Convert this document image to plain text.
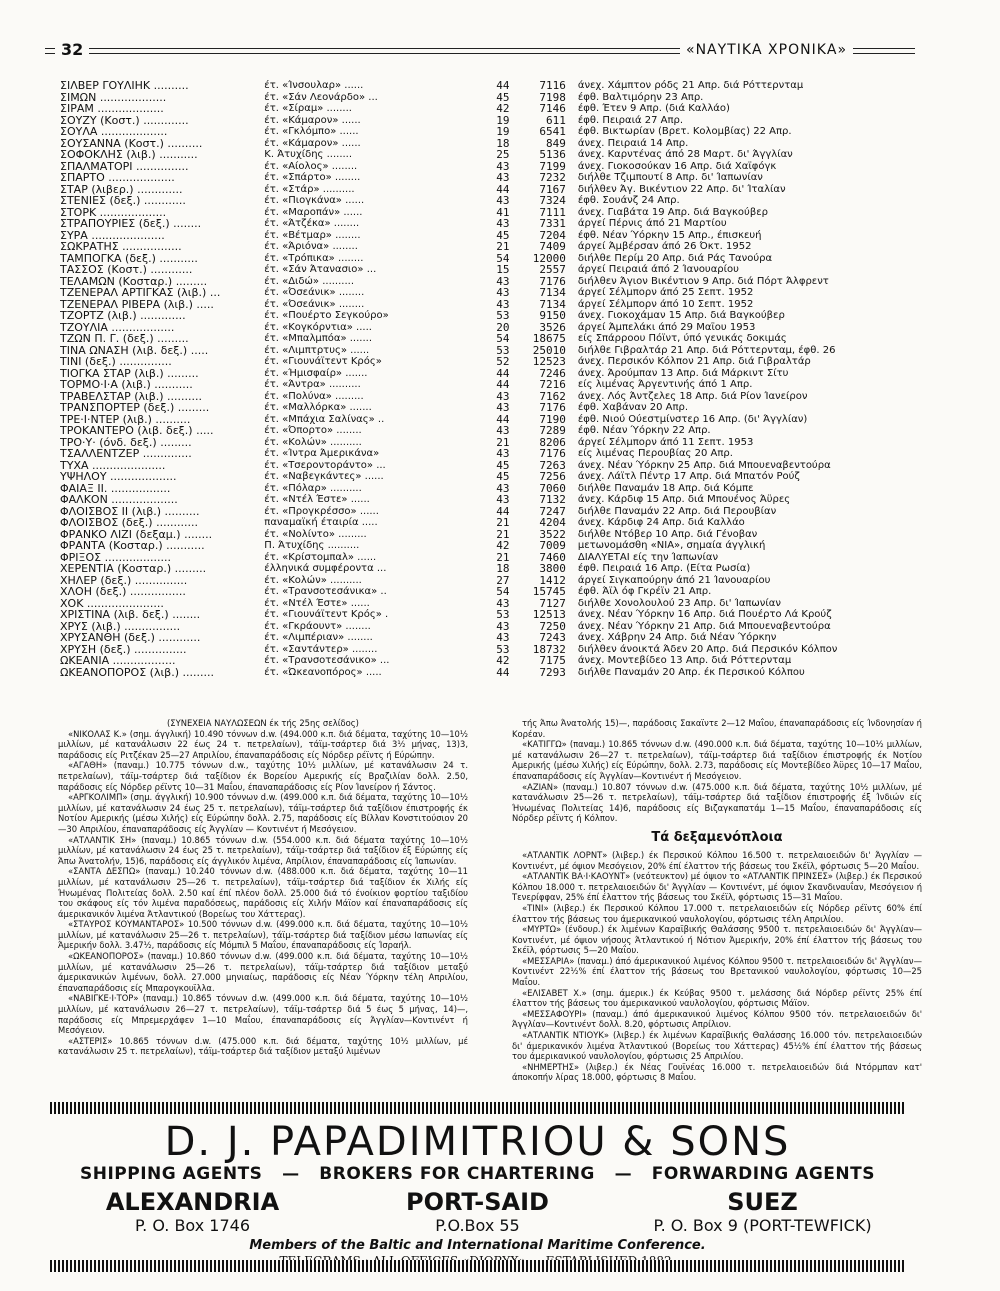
32	«ΝΑΥΤΙΚΑ ΧΡΟΝΙΚΑ»
ΣΙΛΒΕΡ ΓΟΥΛΙΗΚ ..........	έτ. «Ίνσουλαρ» ......	44	7116	άνεχ. Χάμπτον ρόδς 21 Απρ. διά Ρόττερνταμ
ΣΙΜΩΝ ...................	έτ. «Σάν Λεονάρδο» ...	45	7198	έφθ. Βαλτιμόρην 23 Απρ.
ΣΙΡΑΜ ...................	έτ. «Σίραμ» ........	42	7146	έφθ. Έτεν 9 Απρ. (διά Καλλάο)
ΣΟΥΖΥ (Κοστ.) .............	έτ. «Κάμαρον» ......	19	611	έφθ. Πειραιά 27 Απρ.
ΣΟΥΛΑ ...................	έτ. «Γκλόμπο» ......	19	6541	έφθ. Βικτωρίαν (Βρετ. Κολομβίας) 22 Απρ.
ΣΟΥΣΑΝΝΑ (Κοστ.) ..........	έτ. «Κάμαρον» ......	18	849	άνεχ. Πειραιά 14 Απρ.
ΣΟΦΟΚΛΗΣ (λιβ.) ...........	Κ. Άτυχίδης ........	25	5136	άνεχ. Καρντένας άπό 28 Μαρτ. δι' Άγγλίαν
ΣΠΑΛΜΑΤΟΡΙ ...............	έτ. «Αίολος» ........	43	7199	άνεχ. Γιοκοσούκαν 16 Απρ. διά Χαϊφόγκ
ΣΠΑΡΤΟ ...................	έτ. «Σπάρτο» ........	43	7232	διήλθε Τζιμπουτί 8 Απρ. δι' Ίαπωνίαν
ΣΤΑΡ (λιβερ.) .............	έτ. «Στάρ» ..........	44	7167	διήλθεν Άγ. Βικέντιον 22 Απρ. δι' Ίταλίαν
ΣΤΕΝΙΕΣ (δεξ.) ............	έτ. «Πιογκάνα» ......	43	7324	έφθ. Σουάνζ 24 Απρ.
ΣΤΟΡΚ ...................	έτ. «Μαροπάν» ......	41	7111	άνεχ. Γιαβάτα 19 Απρ. διά Βαγκούβερ
ΣΤΡΑΠΟΥΡΙΕΣ (δεξ.) ........	έτ. «Άτζέκα» ........	43	7331	άργεί Πέρνις άπό 21 Μαρτίου
ΣΥΡΑ .....................	έτ. «Βέτμαρ» ........	45	7204	έφθ. Νέαν Ύόρκην 15 Απρ., έπισκευή
ΣΩΚΡΑΤΗΣ .................	έτ. «Άριόνα» ........	21	7409	άργεί Άμβέρσαν άπό 26 Όκτ. 1952
ΤΑΜΠΟΓΚΑ (δεξ.) ...........	έτ. «Τρόπικα» ........	54	12000	διήλθε Περίμ 20 Απρ. διά Ράς Τανούρα
ΤΑΣΣΟΣ (Κοστ.) ............	έτ. «Σάν Άτανασιο» ...	15	2557	άργεί Πειραιά άπό 2 Ίανουαρίου
ΤΕΛΑΜΩΝ (Κοσταρ.) .........	έτ. «Διδώ» ..........	43	7176	διήλθεν Άγιον Βικέντιον 9 Απρ. διά Πόρτ Άλφρεντ
ΤΖΕΝΕΡΑΛ ΑΡΤΙΓΚΑΣ (λιβ.) ...	έτ. «Όσεάνικ» ........	43	7134	άργεί Σέλμπορν άπό 25 Σεπτ. 1952
ΤΖΕΝΕΡΑΛ ΡΙΒΕΡΑ (λιβ.) .....	έτ. «Όσεάνικ» ........	43	7134	άργεί Σέλμπορν άπό 10 Σεπτ. 1952
ΤΖΟΡΤΖ (λιβ.) .............	έτ. «Πουέρτο Σεγκούρο»	53	9150	άνεχ. Γιοκοχάμαν 15 Απρ. διά Βαγκούβερ
ΤΖΟΥΛΙΑ ..................	έτ. «Κογκόρντια» .....	20	3526	άργεί Άμπελάκι άπό 29 Μαΐου 1953
ΤΖΩΝ Π. Γ. (δεξ.) .........	έτ. «Μπαλμπόα» .......	54	18675	είς Σπάρροου Πόϊντ, ύπό γενικάς δοκιμάς
ΤΙΝΑ ΩΝΑΣΗ (λιβ. δεξ.) .....	έτ. «Λιμπτρτυς» ......	53	25010	διήλθε Γιβραλτάρ 21 Απρ. διά Ρόττερνταμ, έφθ. 26
ΤΙΝΙ (δεξ.) ...............	έτ. «Γιουνάϊτεντ Κρός»	52	12523	άνεχ. Περσικόν Κόλπον 21 Απρ. διά Γιβραλτάρ
ΤΙΟΓΚΑ ΣΤΑΡ (λιβ.) .........	έτ. «Ήμισφαίρ» .......	44	7246	άνεχ. Άρούμπαν 13 Απρ. διά Μάρκιντ Σίτυ
ΤΟΡΜΟ·Ι·Α (λιβ.) ...........	έτ. «Άντρα» ..........	44	7216	είς λιμένας Άργεντινής άπό 1 Απρ.
ΤΡΑΒΕΛΣΤΑΡ (λιβ.) ..........	έτ. «Πολύνα» .........	43	7162	άνεχ. Λός Άντζελες 18 Απρ. διά Ρίον Ίανείρον
ΤΡΑΝΣΠΟΡΤΕΡ (δεξ.) .........	έτ. «Μαλλόρκα» .......	43	7176	έφθ. Χαβάναν 20 Απρ.
ΤΡΕ·Ι·ΝΤΕΡ (λιβ.) ..........	έτ. «Μπάχια Σαλίνας» ..	44	7190	έφθ. Νιού Ούεστμίνστερ 16 Απρ. (δι' Άγγλίαν)
ΤΡΟΚΑΝΤΕΡΟ (λιβ. δεξ.) .....	έτ. «Όπορτο» ........	43	7289	έφθ. Νέαν Ύόρκην 22 Απρ.
ΤΡΟ·Υ· (όνδ. δεξ.) .........	έτ. «Κολών» ..........	21	8206	άργεί Σέλμπορν άπό 11 Σεπτ. 1953
ΤΣΑΛΛΕΝΤΖΕΡ ..............	έτ. «Ίντρα Άμερικάνα»	43	7176	είς λιμένας Περουβίας 20 Απρ.
ΤΥΧΑ .....................	έτ. «Τσεροντοράντο» ...	45	7263	άνεχ. Νέαν Ύόρκην 25 Απρ. διά Μπουεναβεντούρα
ΥΨΗΛΟΥ ...................	έτ. «Ναβεγκάντες» ......	45	7256	άνεχ. Λάϊτλ Πέντρ 17 Απρ. διά Μπατόν Ρούζ
ΦΑΙΑΞ ΙΙ. .................	έτ. «Πόλαρ» ..........	43	7060	διήλθε Παναμάν 18 Απρ. διά Κόμπε
ΦΑΛΚΟΝ ...................	έτ. «Ντέλ Έστε» ......	43	7132	άνεχ. Κάρδιφ 15 Απρ. διά Μπουένος Άϋρες
ΦΛΟΙΣΒΟΣ ΙΙ (λιβ.) ..........	έτ. «Προγκρέσσο» ......	44	7247	διήλθε Παναμάν 22 Απρ. διά Περουβίαν
ΦΛΟΙΣΒΟΣ (δεξ.) ............	παναμαϊκή έταιρία .....	21	4204	άνεχ. Κάρδιφ 24 Απρ. διά Καλλάο
ΦΡΑΝΚΟ ΛΙΖΙ (δεξαμ.) ........	έτ. «Νολίντο» .........	21	3522	διήλθε Ντόβερ 10 Απρ. διά Γένοβαν
ΦΡΑΝΤΑ (Κοσταρ.) ...........	Π. Άτυχίδης ..........	42	7009	μετωνομάσθη «ΝΙΑ», σημαία άγγλική
ΦΡΙΞΟΣ ...................	έτ. «Κρίστομπαλ» ......	21	7460	ΔΙΑΛΥΕΤΑΙ είς την Ίαπωνίαν
ΧΕΡΕΝΤΙΑ (Κοσταρ.) .........	έλληνικά συμφέροντα ...	18	3800	έφθ. Πειραιά 16 Απρ. (Είτα Ρωσία)
ΧΗΛΕΡ (δεξ.) ...............	έτ. «Κολών» ..........	27	1412	άργεί Σιγκαπούρην άπό 21 Ίανουαρίου
ΧΛΟΗ (δεξ.) ................	έτ. «Τρανσοτεσάνικα» ..	54	15745	έφθ. Άϊλ όφ Γκρέϊν 21 Απρ.
ΧΟΚ ......................	έτ. «Ντέλ Έστε» ......	43	7127	διήλθε Χονολουλού 23 Απρ. δι' Ίαπωνίαν
ΧΡΙΣΤΙΝΑ (λιβ. δεξ.) ........	έτ. «Γιουνάϊτεντ Κρός» .	53	12513	άνεχ. Νέαν Ύόρκην 16 Απρ. διά Πουέρτο Λά Κρούζ
ΧΡΥΣ (λιβ.) ................	έτ. «Γκράουντ» ........	43	7250	άνεχ. Νέαν Ύόρκην 21 Απρ. διά Μπουεναβεντούρα
ΧΡΥΣΑΝΘΗ (δεξ.) ............	έτ. «Λιμπέριαν» ........	43	7243	άνεχ. Χάβρην 24 Απρ. διά Νέαν Ύόρκην
ΧΡΥΣΗ (δεξ.) ...............	έτ. «Σαντάντερ» ........	53	18732	διήλθεν άνοικτά Άδεν 20 Απρ. διά Περσικόν Κόλπον
ΩΚΕΑΝΙΑ ..................	έτ. «Τρανσοτεσάνικο» ...	42	7175	άνεχ. Μοντεβίδεο 13 Απρ. διά Ρόττερνταμ
ΩΚΕΑΝΟΠΟΡΟΣ (λιβ.) .........	έτ. «Ώκεανοπόρος» .....	44	7293	διήλθε Παναμάν 20 Απρ. έκ Περσικού Κόλπου

(ΣΥΝΕΧΕΙΑ ΝΑΥΛΩΣΕΩΝ έκ τής 25ης σελίδος)

«ΝΙΚΟΛΑΣ Κ.» (σημ. άγγλική) 10.490 τόννων d.w. (494.000 κ.π. διά δέματα, ταχύτης 10—10½ μιλλίων, μέ κατανάλωσιν 22 έως 24 τ. πετρελαίων), τάϊμ-τσάρτερ διά 3½ μήνας, 13)3, παράδοσις είς Ριτζέκαν 25—27 Απριλίου, έπαναπαράδοσις είς Νόρδερ ρέϊντς ή Εύρώπην.

«ΑΓΑΘΗ» (παναμ.) 10.775 τόννων d.w., ταχύτης 10½ μιλλίων, μέ κατανάλωσιν 24 τ. πετρελαίων), τάϊμ-τσάρτερ διά ταξίδιον έκ Βορείου Αμερικής είς Βραζιλίαν δολλ. 2.50, παράδοσις είς Νόρδερ ρέϊντς 10—31 Μαΐου, έπαναπαράδοσις είς Ρίον Ίανείρον ή Σάντος.

«ΑΡΓΚΟΛΙΜΠ» (σημ. άγγλική) 10.900 τόννων d.w. (499.000 κ.π. διά δέματα, ταχύτης 10—10½ μιλλίων, μέ κατανάλωσιν 24 έως 25 τ. πετρελαίων), τάϊμ-τσάρτερ διά ταξίδιον έπιστροφής έκ Νοτίου Αμερικής (μέσω Χιλής) είς Εύρώπην δολλ. 2.75, παράδοσις είς Βίλλαν Κονστιτούσιον 20—30 Απριλίου, έπαναπαράδοσις είς Άγγλίαν — Κοντινέντ ή Μεσόγειον.

«ΑΤΛΑΝΤΙΚ ΣΗ» (παναμ.) 10.865 τόννων d.w. (554.000 κ.π. διά δέματα ταχύτης 10—10½ μιλλίων, μέ κατανάλωσιν 24 έως 25 τ. πετρελαίων), τάϊμ-τσάρτερ διά ταξίδιον έξ Εύρώπης είς Άπω Άνατολήν, 15)6, παράδοσις είς άγγλικόν λιμένα, Απρίλιον, έπαναπαράδοσις είς Ίαπωνίαν.

«ΣΑΝΤΑ ΔΕΣΠΩ» (παναμ.) 10.240 τόννων d.w. (488.000 κ.π. διά δέματα, ταχύτης 10—11 μιλλίων, μέ κατανάλωσιν 25—26 τ. πετρελαίων), τάϊμ-τσάρτερ διά ταξίδιον έκ Χιλής είς Ήνωμένας Πολιτείας δολλ. 2.50 καί έπί πλέον δολλ. 25.000 διά τό ένοίκιον φορτίου ταξιδίου του σκάφους είς τόν λιμένα παραδόσεως, παράδοσις είς Χιλήν Μάϊον καί έπαναπαράδοσις είς άμερικανικόν λιμένα Άτλαντικού (Βορείως του Χάττερας).

«ΣΤΑΥΡΟΣ ΚΟΥΜΑΝΤΑΡΟΣ» 10.500 τόννων d.w. (499.000 κ.π. διά δέματα, ταχύτης 10—10½ μιλλίων, μέ κατανάλωσιν 25—26 τ. πετρελαίων), τάϊμ-τσάρτερ διά ταξίδιον μέσω Ιαπωνίας είς Άμερικήν δολλ. 3.47½, παράδοσις είς Μόμπιλ 5 Μαΐου, έπαναπαράδοσις είς Ίσραήλ.

«ΩΚΕΑΝΟΠΟΡΟΣ» (παναμ.) 10.860 τόννων d.w. (499.000 κ.π. διά δέματα, ταχύτης 10—10½ μιλλίων, μέ κατανάλωσιν 25—26 τ. πετρελαίων), τάϊμ-τσάρτερ διά ταξίδιον μεταξύ άμερικανικών λιμένων, δολλ. 27.000 μηνιαίως, παράδοσις είς Νέαν Ύόρκην τέλη Απριλίου, έπαναπαράδοσις είς Μπαρογκουϊλλα.

«ΝΑΒΙΓΚΕ·Ι·ΤΟΡ» (παναμ.) 10.865 τόννων d.w. (499.000 κ.π. διά δέματα, ταχύτης 10—10½ μιλλίων, μέ κατανάλωσιν 26—27 τ. πετρελαίων), τάϊμ-τσάρτερ διά 5 έως 5 μήνας, 14)—, παράδοσις είς Μπρεμερχάφεν 1—10 Μαΐου, έπαναπαράδοσις είς Άγγλίαν—Κοντινέντ ή Μεσόγειον.

«ΑΣΤΕΡΙΣ» 10.865 τόννων d.w. (475.000 κ.π. διά δέματα, ταχύτης 10½ μιλλίων, μέ κατανάλωσιν 25 τ. πετρελαίων), τάϊμ-τσάρτερ διά ταξίδιον μεταξύ λιμένων

τής Άπω Άνατολής 15)—, παράδοσις Σακαϊντε 2—12 Μαΐου, έπαναπαράδοσις είς Ίνδονησίαν ή Κορέαν.

«ΚΑΤΙΓΓΩ» (παναμ.) 10.865 τόννων d.w. (490.000 κ.π. διά δέματα, ταχύτης 10—10½ μιλλίων, μέ κατανάλωσιν 26—27 τ. πετρελαίων), τάϊμ-τσάρτερ διά ταξίδιον έπιστροφής έκ Νοτίου Αμερικής (μέσω Χιλής) είς Εύρώπην, δολλ. 2.73, παράδοσις είς Μοντεβίδεο Άϋρες 10—17 Μαΐου, έπαναπαράδοσις είς Άγγλίαν—Κοντινέντ ή Μεσόγειον.

«ΑΖΙΑΝ» (παναμ.) 10.807 τόννων d.w. (475.000 κ.π. διά δέματα, ταχύτης 10½ μιλλίων, μέ κατανάλωσιν 25—26 τ. πετρελαίων), τάϊμ-τσάρτερ διά ταξίδιον έπιστροφής έξ Ίνδιών είς Ήνωμένας Πολιτείας 14)6, παράδοσις είς Βιζαγκαπατάμ 1—15 Μαΐου, έπαναπαράδοσις είς Νόρδερ ρέϊντς ή Κόλπον.

Τά δεξαμενόπλοια

«ΑΤΛΑΝΤΙΚ ΛΟΡΝΤ» (λιβερ.) έκ Περσικού Κόλπου 16.500 τ. πετρελαιοειδών δι' Άγγλίαν — Κοντινέντ, μέ όψιον Μεσόγειον, 20% έπί έλαττον τής βάσεως του Σκέϊλ, φόρτωσις 5—20 Μαΐου.

«ΑΤΛΑΝΤΙΚ ΒΑ·Ι·ΚΑΟΥΝΤ» (νεότευκτον) μέ όψιον το «ΑΤΛΑΝΤΙΚ ΠΡΙΝΣΕΣ» (λιβερ.) έκ Περσικού Κόλπου 18.000 τ. πετρελαιοειδών δι' Άγγλίαν — Κοντινέντ, μέ όψιον Σκανδιναυΐαν, Μεσόγειον ή Τενερίφφαν, 25% έπί έλαττον τής βάσεως του Σκέϊλ, φόρτωσις 15—31 Μαΐου.

«ΤΙΝΙ» (λιβερ.) έκ Περσικού Κόλπου 17.000 τ. πετρελαιοειδών είς Νόρδερ ρέϊντς 60% έπί έλαττον τής βάσεως του άμερικανικού ναυλολογίου, φόρτωσις τέλη Απριλίου.

«ΜΥΡΤΩ» (ένδουρ.) έκ λιμένων Καραϊβικής Θαλάσσης 9500 τ. πετρελαιοειδών δι' Άγγλίαν—Κοντινέντ, μέ όψιον νήσους Άτλαντικού ή Νότιον Άμερικήν, 20% έπί έλαττον τής βάσεως του Σκέϊλ, φόρτωσις 5—20 Μαΐου.

«ΜΕΣΣΑΡΙΑ» (παναμ.) άπό άμερικανικού λιμένος Κόλπου 9500 τ. πετρελαιοειδών δι' Άγγλίαν—Κοντινέντ 22½% έπί έλαττον τής βάσεως του Βρετανικού ναυλολογίου, φόρτωσις 10—25 Μαΐου.

«ΕΛΙΣΑΒΕΤ Χ.» (σημ. άμερικ.) έκ Κεύβας 9500 τ. μελάσσης διά Νόρδερ ρέϊντς 25% έπί έλαττον τής βάσεως του άμερικανικού ναυλολογίου, φόρτωσις Μάϊον.

«ΜΕΣΣΑΦΟΥΡΙ» (παναμ.) άπό άμερικανικού λιμένος Κόλπου 9500 τόν. πετρελαιοειδών δι' Άγγλίαν—Κοντινέντ δολλ. 8.20, φόρτωσις Απρίλιον.

«ΑΤΛΑΝΤΙΚ ΝΤΙΟΥΚ» (λιβερ.) έκ λιμένων Καραϊβικής Θαλάσσης 16.000 τόν. πετρελαιοειδών δι' άμερικανικόν λιμένα Άτλαντικού (Βορείως του Χάττερας) 45½% έπί έλαττον τής βάσεως του άμερικανικού ναυλολογίου, φόρτωσις 25 Απριλίου.

«ΝΗΜΕΡΤΗΣ» (λιβερ.) έκ Νέας Γουϊνέας 16.000 τ. πετρελαιοειδών διά Ντόρμπαν κατ' άποκοπήν λίρας 18.000, φόρτωσις 8 Μαΐου.

D. J. PAPADIMITRIOU & SONS
SHIPPING AGENTS — BROKERS FOR CHARTERING — FORWARDING AGENTS
ALEXANDRIA
P. O. Box 1746
PORT-SAID
P.O.Box 55
SUEZ
P. O. Box 9 (PORT-TEWFICK)
Members of the Baltic and International Maritime Conference.
